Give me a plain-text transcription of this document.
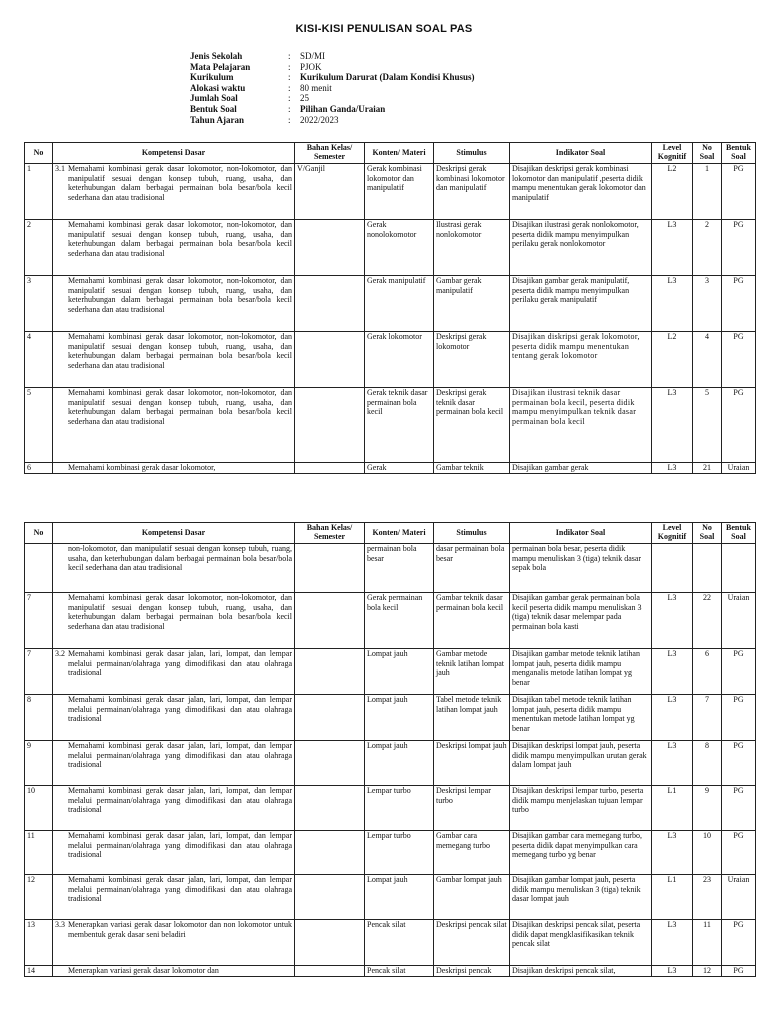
KISI-KISI PENULISAN SOAL PAS
Jenis Sekolah	:	SD/MI
Mata Pelajaran	:	PJOK
Kurikulum	:	Kurikulum Darurat (Dalam Kondisi Khusus)
Alokasi waktu	:	80 menit
Jumlah Soal	:	25
Bentuk Soal	:	Pilihan Ganda/Uraian
Tahun Ajaran	:	2022/2023
No	Kompetensi Dasar	Bahan Kelas/ Semester	Konten/ Materi	Stimulus	Indikator Soal	Level Kognitif	No Soal	Bentuk Soal
1	3.1 Memahami kombinasi gerak dasar lokomotor, non-lokomotor, dan manipulatif sesuai dengan konsep tubuh, ruang, usaha, dan keterhubungan dalam berbagai permainan bola besar/bola kecil sederhana dan atau tradisional	V/Ganjil	Gerak kombinasi lokomotor dan manipulatif	Deskripsi gerak kombinasi lokomotor dan manipulatif	Disajikan deskripsi gerak kombinasi lokomotor dan manipulatif ,peserta didik mampu menentukan gerak lokomotor dan manipulatif	L2	1	PG
2	Memahami kombinasi gerak dasar lokomotor, non-lokomotor, dan manipulatif sesuai dengan konsep tubuh, ruang, usaha, dan keterhubungan dalam berbagai permainan bola besar/bola kecil sederhana dan atau tradisional		Gerak nonolokomotor	Ilustrasi gerak nonlokomotor	Disajikan ilustrasi gerak nonlokomotor, peserta didik mampu menyimpulkan perilaku gerak nonlokomotor	L3	2	PG
3	Memahami kombinasi gerak dasar lokomotor, non-lokomotor, dan manipulatif sesuai dengan konsep tubuh, ruang, usaha, dan keterhubungan dalam berbagai permainan bola besar/bola kecil sederhana dan atau tradisional		Gerak manipulatif	Gambar gerak manipulatif	Disajikan gambar gerak manipulatif, peserta didik mampu menyimpulkan perilaku gerak manipulatif	L3	3	PG
4	Memahami kombinasi gerak dasar lokomotor, non-lokomotor, dan manipulatif sesuai dengan konsep tubuh, ruang, usaha, dan keterhubungan dalam berbagai permainan bola besar/bola kecil sederhana dan atau tradisional		Gerak lokomotor	Deskripsi gerak lokomotor	Disajikan diskripsi gerak lokomotor, peserta didik mampu menentukan tentang gerak lokomotor	L2	4	PG
5	Memahami kombinasi gerak dasar lokomotor, non-lokomotor, dan manipulatif sesuai dengan konsep tubuh, ruang, usaha, dan keterhubungan dalam berbagai permainan bola besar/bola kecil sederhana dan atau tradisional		Gerak teknik dasar permainan bola kecil	Deskripsi gerak teknik dasar permainan bola kecil	Disajikan ilustrasi teknik dasar permainan bola kecil, peserta didik mampu menyimpulkan teknik dasar permainan bola kecil	L3	5	PG
6	Memahami kombinasi gerak dasar lokomotor,		Gerak	Gambar teknik	Disajikan gambar gerak	L3	21	Uraian
No	Kompetensi Dasar	Bahan Kelas/ Semester	Konten/ Materi	Stimulus	Indikator Soal	Level Kognitif	No Soal	Bentuk Soal

	non-lokomotor, dan manipulatif sesuai dengan konsep tubuh, ruang, usaha, dan keterhubungan dalam berbagai permainan bola besar/bola kecil sederhana dan atau tradisional		permainan bola besar	dasar permainan bola besar	permainan bola besar, peserta didik mampu menuliskan 3 (tiga) teknik dasar sepak bola			
7	Memahami kombinasi gerak dasar lokomotor, non-lokomotor, dan manipulatif sesuai dengan konsep tubuh, ruang, usaha, dan keterhubungan dalam berbagai permainan bola besar/bola kecil sederhana dan atau tradisional		Gerak permainan bola kecil	Gambar teknik dasar permainan bola kecil	Disajikan gambar gerak permainan bola kecil peserta didik mampu menuliskan 3 (tiga) teknik dasar melempar pada permainan bola kasti	L3	22	Uraian
7	3.2 Memahami kombinasi gerak dasar jalan, lari, lompat, dan lempar melalui permainan/olahraga yang dimodifikasi dan atau olahraga tradisional		Lompat jauh	Gambar metode teknik latihan lompat jauh	Disajikan gambar metode teknik latihan lompat jauh, peserta didik mampu menganalis metode latihan lompat yg benar	L3	6	PG
8	Memahami kombinasi gerak dasar jalan, lari, lompat, dan lempar melalui permainan/olahraga yang dimodifikasi dan atau olahraga tradisional		Lompat jauh	Tabel metode teknik latihan lompat jauh	Disajikan tabel metode teknik latihan lompat jauh, peserta didik mampu menentukan metode latihan lompat yg benar	L3	7	PG
9	Memahami kombinasi gerak dasar jalan, lari, lompat, dan lempar melalui permainan/olahraga yang dimodifikasi dan atau olahraga tradisional		Lompat jauh	Deskripsi lompat jauh	Disajikan deskripsi lompat jauh, peserta didik mampu menyimpulkan urutan gerak dalam lompat jauh	L3	8	PG
10	Memahami kombinasi gerak dasar jalan, lari, lompat, dan lempar melalui permainan/olahraga yang dimodifikasi dan atau olahraga tradisional		Lempar turbo	Deskripsi lempar turbo	Disajikan deskripsi lempar turbo, peserta didik mampu menjelaskan tujuan lempar turbo	L1	9	PG
11	Memahami kombinasi gerak dasar jalan, lari, lompat, dan lempar melalui permainan/olahraga yang dimodifikasi dan atau olahraga tradisional		Lempar turbo	Gambar cara memegang turbo	Disajikan gambar cara memegang turbo, peserta didik dapat menyimpulkan cara memegang turbo yg benar	L3	10	PG
12	Memahami kombinasi gerak dasar jalan, lari, lompat, dan lempar melalui permainan/olahraga yang dimodifikasi dan atau olahraga tradisional		Lompat jauh	Gambar lompat jauh	Disajikan gambar lompat jauh, peserta didik mampu menuliskan 3 (tiga) teknik dasar lompat jauh	L1	23	Uraian
13	3.3 Menerapkan variasi gerak dasar lokomotor dan non lokomotor untuk membentuk gerak dasar seni beladiri		Pencak silat	Deskripsi pencak silat	Disajikan deskripsi pencak silat, peserta didik dapat mengklasifikasikan teknik pencak silat	L3	11	PG
14	Menerapkan variasi gerak dasar lokomotor dan		Pencak silat	Deskripsi pencak	Disajikan deskripsi pencak silat,	L3	12	PG
